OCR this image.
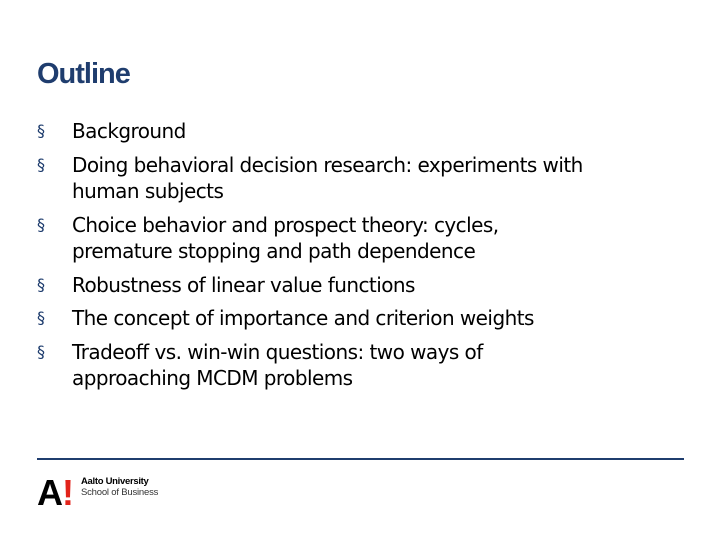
Outline
§ Background
§ Doing behavioral decision research: experiments with
human subjects
§ Choice behavior and prospect theory: cycles,
premature stopping and path dependence
§ Robustness of linear value functions
§ The concept of importance and criterion weights
§ Tradeoff vs. win-win questions: two ways of
approaching MCDM problems
A ! Aalto University
School of Business
